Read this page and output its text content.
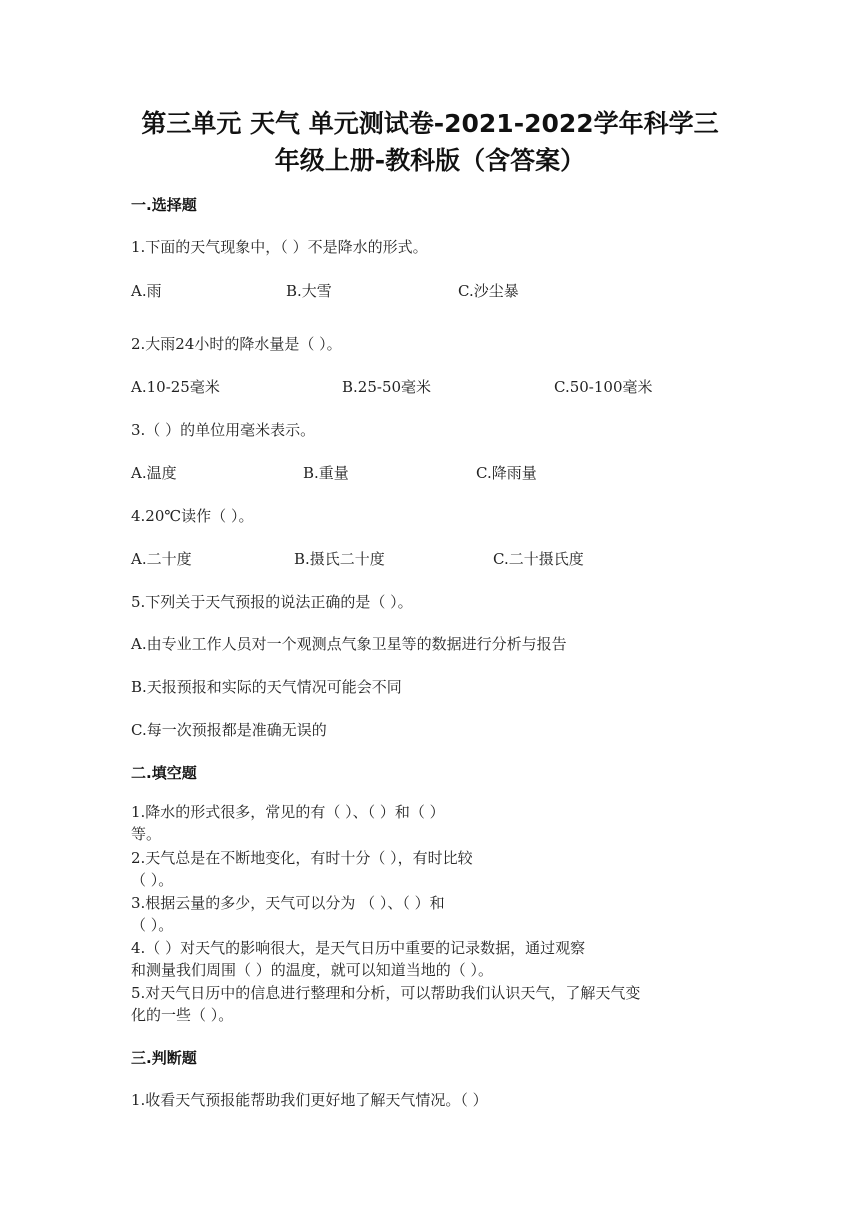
第三单元 天气 单元测试卷-2021-2022学年科学三
年级上册-教科版（含答案）
一.选择题
1.下面的天气现象中，（ ）不是降水的形式。
A.雨	B.大雪	C.沙尘暴
2.大雨24小时的降水量是（ ）。
A.10-25毫米	B.25-50毫米	C.50-100毫米
3.（ ）的单位用毫米表示。
A.温度	B.重量	C.降雨量
4.20℃读作（ ）。
A.二十度	B.摄氏二十度	C.二十摄氏度
5.下列关于天气预报的说法正确的是（ ）。
A.由专业工作人员对一个观测点气象卫星等的数据进行分析与报告
B.天报预报和实际的天气情况可能会不同
C.每一次预报都是准确无误的
二.填空题
1.降水的形式很多，常见的有（ ）、（ ）和（ ）
等。
2.天气总是在不断地变化，有时十分（ ），有时比较
（ ）。
3.根据云量的多少，天气可以分为 （ ）、（ ）和
（ ）。
4.（ ）对天气的影响很大，是天气日历中重要的记录数据，通过观察
和测量我们周围（ ）的温度，就可以知道当地的（ ）。
5.对天气日历中的信息进行整理和分析，可以帮助我们认识天气，了解天气变
化的一些（ ）。
三.判断题
1.收看天气预报能帮助我们更好地了解天气情况。（ ）
